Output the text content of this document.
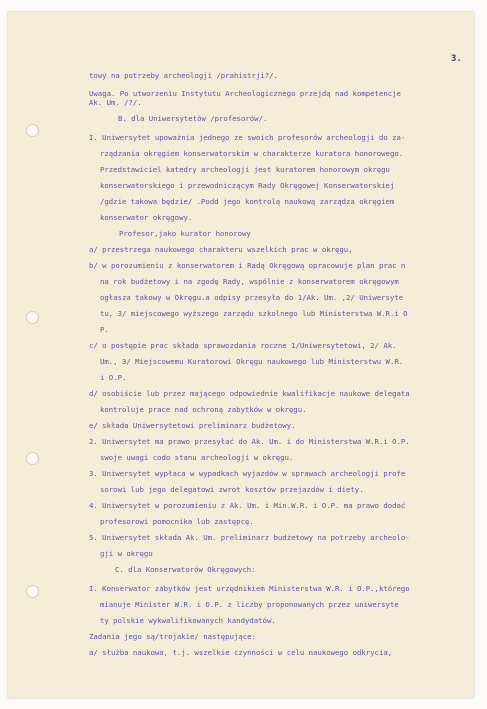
3.
towy na potrzeby archeologji /prahistrji?/.
Uwaga. Po utworzeniu Instytutu Archeologicznego przejdą nad kompetencje
Ak. Um. /?/.
B. dla Uniwersytetów /profesorów/.
I. Uniwersytet upoważnia jednego ze swoich profesorów archeologji do za-
rządzania okręgiem konserwatorskim w charakterze kuratora honorowego.
Przedstawiciel katedry archeologji jest kuratorem honorowym okręgu
konserwatorskiego i przewodniczącym Rady Okręgowej Konserwatorskiej
/gdzie takowa będzie/ .Podd jego kontrolą naukową zarządza okręgiem
konserwator okręgowy.
Profesor,jako kurator honorowy
a/ przestrzega naukowego charakteru wszelkich prac w okręgu,
b/ w porozumieniu z konserwatorem i Radą Okręgową opracowuje plan prac n
na rok budżetowy i na zgodę Rady, wspólnie z konserwatorem okręgowym
ogłasza takowy w Okręgu.a odpisy przesyła do 1/Ak. Um. ,2/ Uniwersyte
tu, 3/ miejscowego wyższego zarządu szkolnego lub Ministerstwa W.R.i O
P.
c/ o postępie prac składa sprawozdania roczne 1/Uniwersytetowi, 2/ Ak.
Um., 3/ Miejscowemu Kuratorowi Okręgu naukowego lub Ministerstwu W.R.
i O.P.
d/ osobiście lub przez mającego odpowiednie kwalifikacje naukowe delegata
kontroluje prace nad ochroną zabytków w okręgu.
e/ składa Uniwersytetowi preliminarz budżetowy.
2. Uniwersytet ma prawo przesyłać do Ak. Um. i do Ministerstwa W.R.i O.P.
swoje uwagi codo stanu archeologji w okręgu.
3. Uniwersytet wypłaca w wypadkach wyjazdów w sprawach archeologji profe
sorowi lub jego delegatowi zwrot kosztów przejazdów i diety.
4. Uniwersytet w porozumieniu z Ak. Um. i Min.W.R. i O.P. ma prawo dodać
profesorowi pomocnika lub zastępcę.
5. Uniwersytet składa Ak. Um. preliminarz budżetowy na potrzeby archeolo-
gji w okręgu
C. dla Konserwatorów Okręgowych:
I. Konserwator zabytków jest urzędnikiem Ministerstwa W.R. i O.P.,którego
mianuje Minister W.R. i O.P. z liczby proponowanych przez uniwersyte
ty polskie wykwalifikowanych kandydatów.
Zadania jego są/trojakie/ następujące:
a/ służba naukowa, t.j. wszelkie czynności w celu naukowego odkrycia,
